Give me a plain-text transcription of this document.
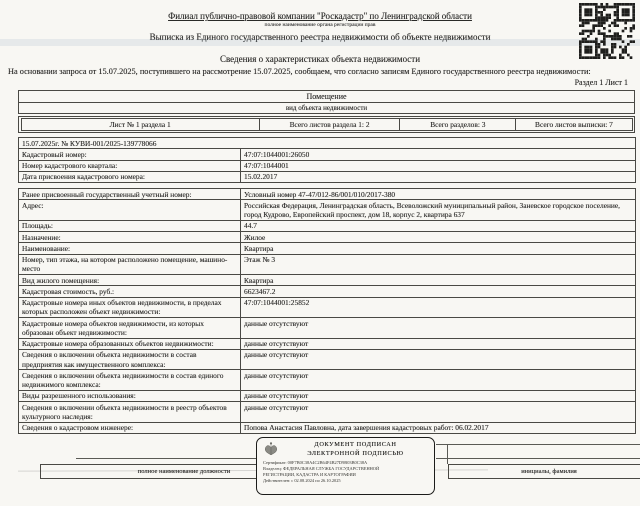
Филиал публично-правовой компании "Роскадастр" по Ленинградской области
полное наименование органа регистрации прав
Выписка из Единого государственного реестра недвижимости об объекте недвижимости
Сведения о характеристиках объекта недвижимости
На основании запроса от 15.07.2025, поступившего на рассмотрение 15.07.2025, сообщаем, что согласно записям Единого государственного реестра недвижимости:
Раздел 1 Лист 1
Помещение
вид объекта недвижимости
Лист № 1 раздела 1	Всего листов раздела 1: 2	Всего разделов: 3	Всего листов выписки: 7
15.07.2025г. № КУВИ-001/2025-139778066	
Кадастровый номер:	47:07:1044001:26050
Номер кадастрового квартала:	47:07:1044001
Дата присвоения кадастрового номера:	15.02.2017
Ранее присвоенный государственный учетный номер:	Условный номер 47-47/012-86/001/010/2017-380
Адрес:	Российская Федерация, Ленинградская область, Всеволожский муниципальный район, Заневское городское поселение, город Кудрово, Европейский проспект, дом 18, корпус 2, квартира 637
Площадь:	44.7
Назначение:	Жилое
Наименование:	Квартира
Номер, тип этажа, на котором расположено помещение, машино-место	Этаж № 3
Вид жилого помещения:	Квартира
Кадастровая стоимость, руб.:	6623467.2
Кадастровые номера иных объектов недвижимости, в пределах которых расположен объект недвижимости:	47:07:1044001:25852
Кадастровые номера объектов недвижимости, из которых образован объект недвижимости:	данные отсутствуют
Кадастровые номера образованных объектов недвижимости:	данные отсутствуют
Сведения о включении объекта недвижимости в состав предприятия как имущественного комплекса:	данные отсутствуют
Сведения о включении объекта недвижимости в состав единого недвижимого комплекса:	данные отсутствуют
Виды разрешенного использования:	данные отсутствуют
Сведения о включении объекта недвижимости в реестр объектов культурного наследия:	данные отсутствуют
Сведения о кадастровом инженере:	Попова Анастасия Павловна, дата завершения кадастровых работ: 06.02.2017
полное наименование должности	инициалы, фамилия
ДОКУМЕНТ ПОДПИСАН
ЭЛЕКТРОННОЙ ПОДПИСЬЮ
Сертификат: 00F7B0C38A4C2B64F4B27D9B03B0C38A
Владелец: ФЕДЕРАЛЬНАЯ СЛУЖБА ГОСУДАРСТВЕННОЙ
РЕГИСТРАЦИИ, КАДАСТРА И КАРТОГРАФИИ
Действителен: с 02.08.2024 по 26.10.2025
